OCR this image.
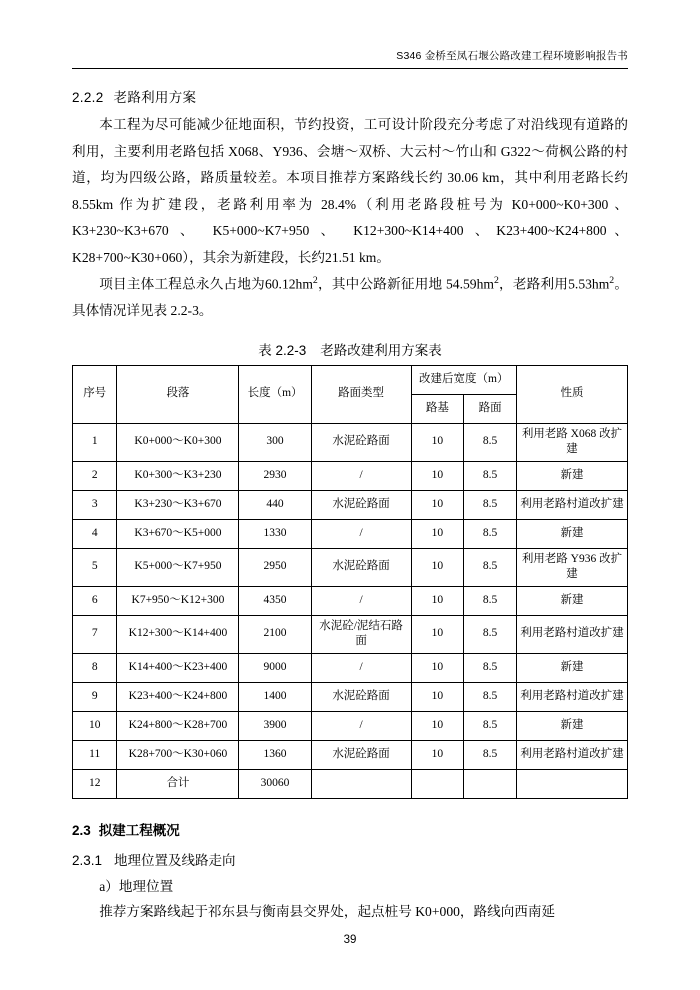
S346 金桥至凤石堰公路改建工程环境影响报告书
2.2.2 老路利用方案

本工程为尽可能减少征地面积，节约投资，工可设计阶段充分考虑了对沿线现有道路的利用，主要利用老路包括 X068、Y936、会塘～双桥、大云村～竹山和 G322～荷枫公路的村道，均为四级公路，路质量较差。本项目推荐方案路线长约 30.06 km，其中利用老路长约 8.55km 作为扩建段，老路利用率为 28.4%（利用老路段桩号为 K0+000~K0+300 、 K3+230~K3+670 、 K5+000~K7+950 、 K12+300~K14+400 、K23+400~K24+800、K28+700~K30+060），其余为新建段，长约21.51 km。

项目主体工程总永久占地为$60.12hm^2$，其中公路新征用地 $54.59hm^2$，老路利用$5.53hm^2$。具体情况详见表 2.2-3。

表 2.2-3 老路改建利用方案表
序号	段落	长度（m）	路面类型	改建后宽度（m）		性质
				路基	路面	
1	K0+000～K0+300	300	水泥砼路面	10	8.5	利用老路 X068 改扩建
2	K0+300～K3+230	2930	/	10	8.5	新建
3	K3+230～K3+670	440	水泥砼路面	10	8.5	利用老路村道改扩建
4	K3+670～K5+000	1330	/	10	8.5	新建
5	K5+000～K7+950	2950	水泥砼路面	10	8.5	利用老路 Y936 改扩建
6	K7+950～K12+300	4350	/	10	8.5	新建
7	K12+300～K14+400	2100	水泥砼/泥结石路面	10	8.5	利用老路村道改扩建
8	K14+400～K23+400	9000	/	10	8.5	新建
9	K23+400～K24+800	1400	水泥砼路面	10	8.5	利用老路村道改扩建
10	K24+800～K28+700	3900	/	10	8.5	新建
11	K28+700～K30+060	1360	水泥砼路面	10	8.5	利用老路村道改扩建
12	合计	30060				
2.3 拟建工程概况
2.3.1 地理位置及线路走向

a）地理位置

推荐方案路线起于祁东县与衡南县交界处，起点桩号 K0+000，路线向西南延

39
